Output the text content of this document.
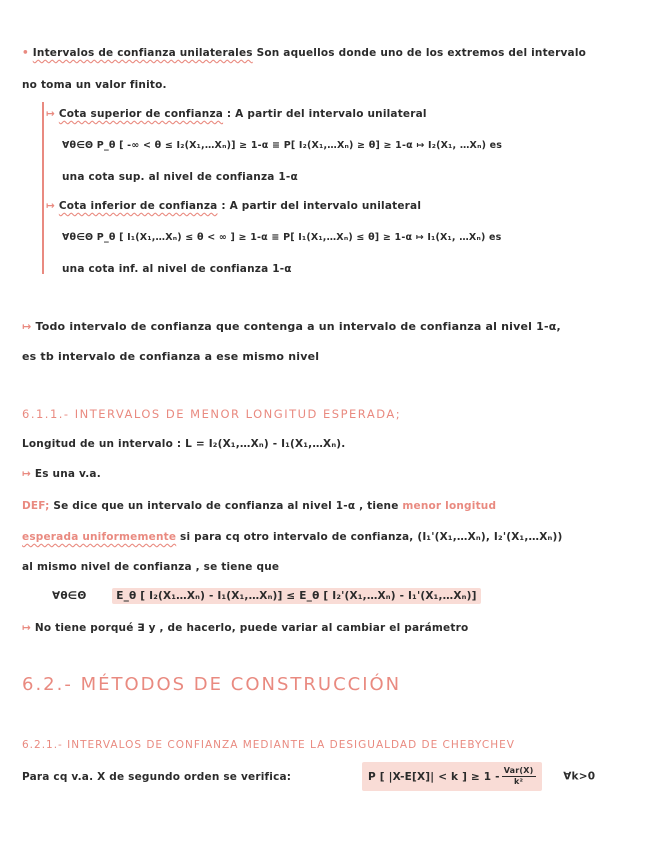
• Intervalos de confianza unilaterales Son aquellos donde uno de los extremos del intervalo
no toma un valor finito.
↦ Cota superior de confianza : A partir del intervalo unilateral
∀θ∈Θ P_θ [ -∞ < θ ≤ I₂(X₁,…Xₙ)] ≥ 1-α ≡ P[ I₂(X₁,…Xₙ) ≥ θ] ≥ 1-α ↦ I₂(X₁, …Xₙ) es
una cota sup. al nivel de confianza 1-α
↦ Cota inferior de confianza : A partir del intervalo unilateral
∀θ∈Θ P_θ [ I₁(X₁,…Xₙ) ≤ θ < ∞ ] ≥ 1-α ≡ P[ I₁(X₁,…Xₙ) ≤ θ] ≥ 1-α ↦ I₁(X₁, …Xₙ) es
una cota inf. al nivel de confianza 1-α
↦ Todo intervalo de confianza que contenga a un intervalo de confianza al nivel 1-α,
es tb intervalo de confianza a ese mismo nivel
6.1.1.- INTERVALOS DE MENOR LONGITUD ESPERADA;
Longitud de un intervalo : L = I₂(X₁,…Xₙ) - I₁(X₁,…Xₙ).
↦ Es una v.a.
DEF; Se dice que un intervalo de confianza al nivel 1-α , tiene menor longitud
esperada uniformemente si para cq otro intervalo de confianza, (I₁'(X₁,…Xₙ), I₂'(X₁,…Xₙ))
al mismo nivel de confianza , se tiene que
∀θ∈Θ	E_θ [ I₂(X₁…Xₙ) - I₁(X₁,…Xₙ)] ≤ E_θ [ I₂'(X₁,…Xₙ) - I₁'(X₁,…Xₙ)]
↦ No tiene porqué ∃ y , de hacerlo, puede variar al cambiar el parámetro
6.2.- MÉTODOS DE CONSTRUCCIÓN
6.2.1.- INTERVALOS DE CONFIANZA MEDIANTE LA DESIGUALDAD DE CHEBYCHEV
Para cq v.a. X de segundo orden se verifica:	P [ |X-E[X]| < k ] ≥ 1 - Var(X)
k²	∀k>0
